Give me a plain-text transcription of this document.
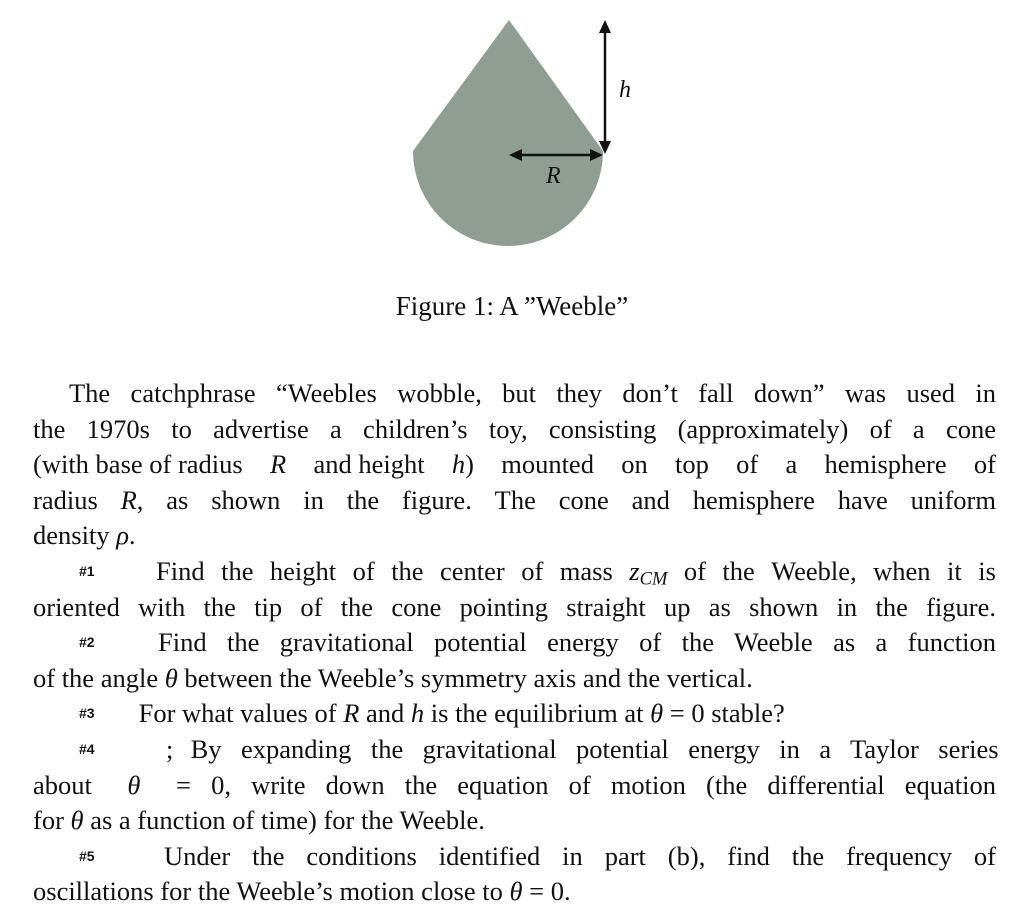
h
R
Figure 1: A ”Weeble”
The catchphrase “Weebles wobble, but they don’t fall down” was used in
the 1970s to advertise a children’s toy, consisting (approximately) of a cone
(with base of radius R and height h) mounted on top of a hemisphere of
radius R, as shown in the figure. The cone and hemisphere have uniform
density
ρ .
#1 Find the height of the center of mass $z_{CM}$ of the Weeble, when it is
oriented with the tip of the cone pointing straight up as shown in the figure.
#2 Find the gravitational potential energy of the Weeble as a function
of the angle
θ
between the Weeble’s symmetry axis and the vertical.
#3 For what values of
R
and
h
is the equilibrium at
θ
= 0 stable?
#4	; By expanding the gravitational potential energy in a Taylor series
about θ = 0, write down the equation of motion (the differential equation
for
θ
as a function of time) for the Weeble.
#5	Under the conditions identified in part (b), find the frequency of
oscillations for the Weeble’s motion close to
θ
= 0.
